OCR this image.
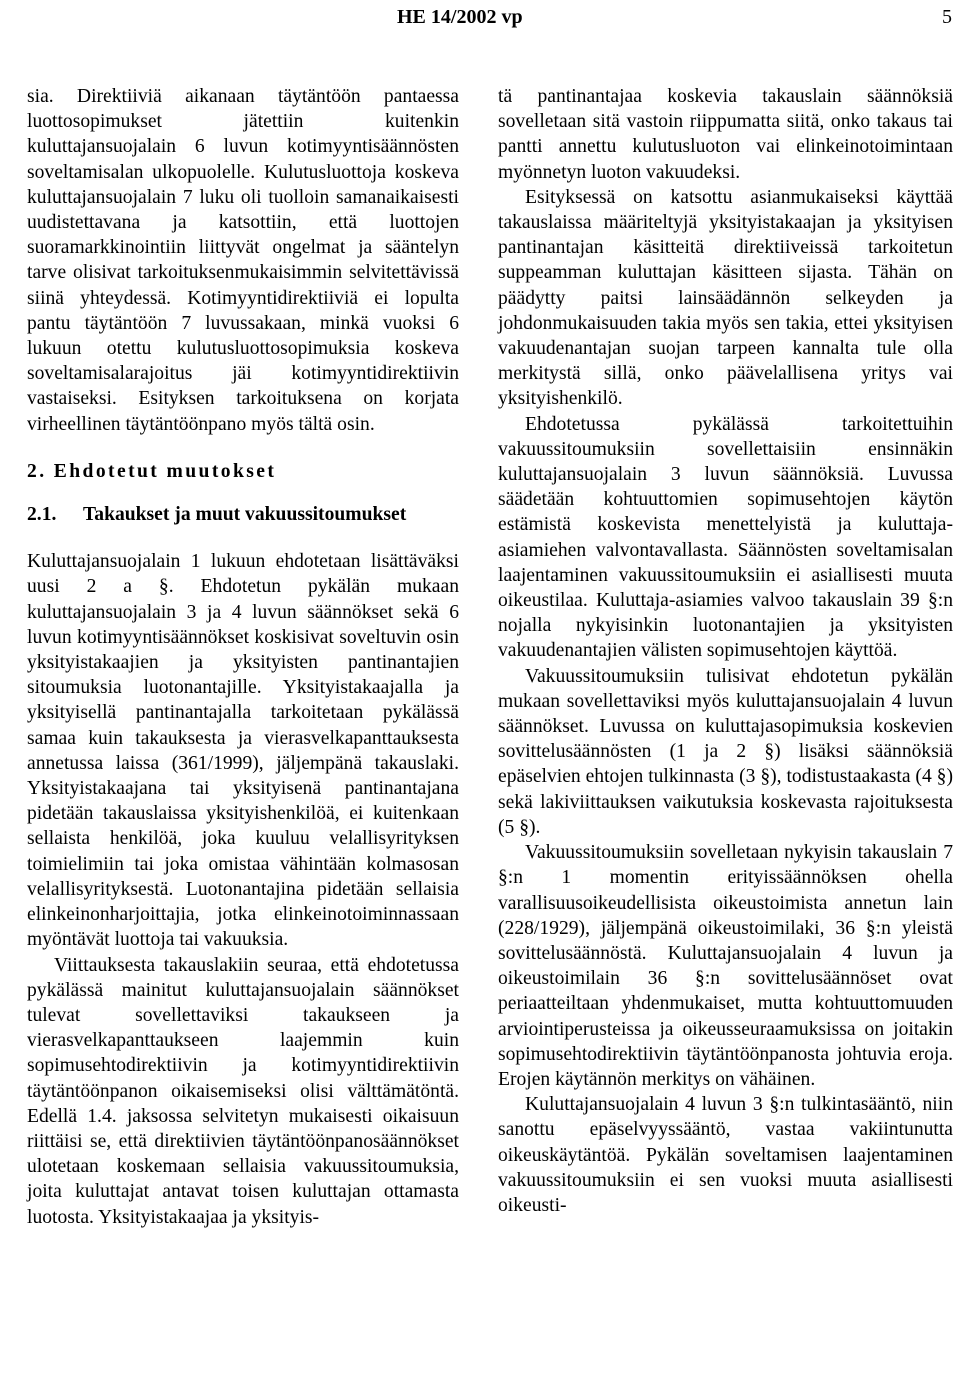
HE 14/2002 vp	5

sia. Direktiiviä aikanaan täytäntöön pantaessa luottosopimukset jätettiin kuitenkin kuluttajansuojalain 6 luvun kotimyyntisäännösten soveltamisalan ulkopuolelle. Kulutusluottoja koskeva kuluttajansuojalain 7 luku oli tuolloin samanaikaisesti uudistettavana ja katsottiin, että luottojen suoramarkkinointiin liittyvät ongelmat ja sääntelyn tarve olisivat tarkoituksenmukaisimmin selvitettävissä siinä yhteydessä. Kotimyyntidirektiiviä ei lopulta pantu täytäntöön 7 luvussakaan, minkä vuoksi 6 lukuun otettu kulutusluottosopimuksia koskeva soveltamisalarajoitus jäi kotimyyntidirektiivin vastaiseksi. Esityksen tarkoituksena on korjata virheellinen täytäntöönpano myös tältä osin.

2. Ehdotetut muutokset
2.1.	Takaukset ja muut vakuussitoumukset

Kuluttajansuojalain 1 lukuun ehdotetaan lisättäväksi uusi 2 a §. Ehdotetun pykälän mukaan kuluttajansuojalain 3 ja 4 luvun säännökset sekä 6 luvun kotimyyntisäännökset koskisivat soveltuvin osin yksityistakaajien ja yksityisten pantinantajien sitoumuksia luotonantajille. Yksityistakaajalla ja yksityisellä pantinantajalla tarkoitetaan pykälässä samaa kuin takauksesta ja vierasvelkapanttauksesta annetussa laissa (361/1999), jäljempänä takauslaki. Yksityistakaajana tai yksityisenä pantinantajana pidetään takauslaissa yksityishenkilöä, ei kuitenkaan sellaista henkilöä, joka kuuluu velallisyrityksen toimielimiin tai joka omistaa vähintään kolmasosan velallisyrityksestä. Luotonantajina pidetään sellaisia elinkeinonharjoittajia, jotka elinkeinotoiminnassaan myöntävät luottoja tai vakuuksia.

Viittauksesta takauslakiin seuraa, että ehdotetussa pykälässä mainitut kuluttajansuojalain säännökset tulevat sovellettaviksi takaukseen ja vierasvelkapanttaukseen laajemmin kuin sopimusehtodirektiivin ja kotimyyntidirektiivin täytäntöönpanon oikaisemiseksi olisi välttämätöntä. Edellä 1.4. jaksossa selvitetyn mukaisesti oikaisuun riittäisi se, että direktiivien täytäntöönpanosäännökset ulotetaan koskemaan sellaisia vakuussitoumuksia, joita kuluttajat antavat toisen kuluttajan ottamasta luotosta. Yksityistakaajaa ja yksityis-

tä pantinantajaa koskevia takauslain säännöksiä sovelletaan sitä vastoin riippumatta siitä, onko takaus tai pantti annettu kulutusluoton vai elinkeinotoimintaan myönnetyn luoton vakuudeksi.

Esityksessä on katsottu asianmukaiseksi käyttää takauslaissa määriteltyjä yksityistakaajan ja yksityisen pantinantajan käsitteitä direktiiveissä tarkoitetun suppeamman kuluttajan käsitteen sijasta. Tähän on päädytty paitsi lainsäädännön selkeyden ja johdonmukaisuuden takia myös sen takia, ettei yksityisen vakuudenantajan suojan tarpeen kannalta tule olla merkitystä sillä, onko päävelallisena yritys vai yksityishenkilö.

Ehdotetussa pykälässä tarkoitettuihin vakuussitoumuksiin sovellettaisiin ensinnäkin kuluttajansuojalain 3 luvun säännöksiä. Luvussa säädetään kohtuuttomien sopimusehtojen käytön estämistä koskevista menettelyistä ja kuluttaja-asiamiehen valvontavallasta. Säännösten soveltamisalan laajentaminen vakuussitoumuksiin ei asiallisesti muuta oikeustilaa. Kuluttaja-asiamies valvoo takauslain 39 §:n nojalla nykyisinkin luotonantajien ja yksityisten vakuudenantajien välisten sopimusehtojen käyttöä.

Vakuussitoumuksiin tulisivat ehdotetun pykälän mukaan sovellettaviksi myös kuluttajansuojalain 4 luvun säännökset. Luvussa on kuluttajasopimuksia koskevien sovittelusäännösten (1 ja 2 §) lisäksi säännöksiä epäselvien ehtojen tulkinnasta (3 §), todistustaakasta (4 §) sekä lakiviittauksen vaikutuksia koskevasta rajoituksesta (5 §).

Vakuussitoumuksiin sovelletaan nykyisin takauslain 7 §:n 1 momentin erityissäännöksen ohella varallisuusoikeudellisista oikeustoimista annetun lain (228/1929), jäljempänä oikeustoimilaki, 36 §:n yleistä sovittelusäännöstä. Kuluttajansuojalain 4 luvun ja oikeustoimilain 36 §:n sovittelusäännöset ovat periaatteiltaan yhdenmukaiset, mutta kohtuuttomuuden arviointiperusteissa ja oikeusseuraamuksissa on joitakin sopimusehtodirektiivin täytäntöönpanosta johtuvia eroja. Erojen käytännön merkitys on vähäinen.

Kuluttajansuojalain 4 luvun 3 §:n tulkintasääntö, niin sanottu epäselvyyssääntö, vastaa vakiintunutta oikeuskäytäntöä. Pykälän soveltamisen laajentaminen vakuussitoumuksiin ei sen vuoksi muuta asiallisesti oikeusti-
